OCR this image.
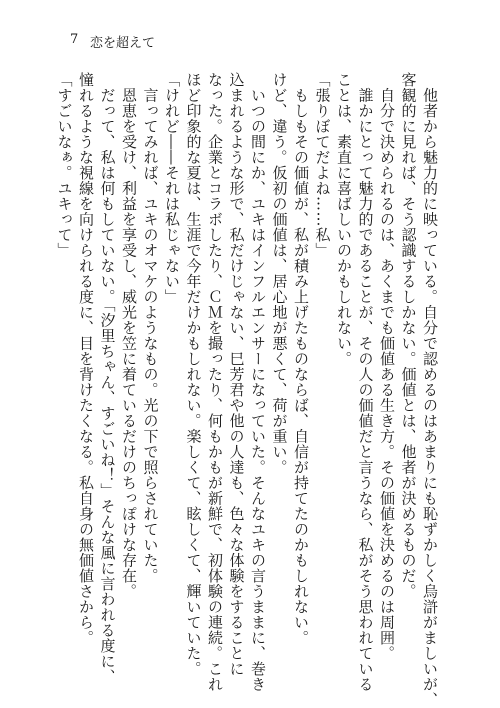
7 恋を超えて
　他者から魅力的に映っている。自分で認めるのはあまりにも恥ずかしく烏滸がましいが、
客観的に見れば、そう認識するしかない。価値とは、他者が決めるものだ。
　自分で決められるのは、あくまでも価値ある生き方。その価値を決めるのは周囲。
　誰かにとって魅力的であることが、その人の価値だと言うなら、私がそう思われている
ことは、素直に喜ばしいのかもしれない。
「張りぼてだよね……私」
　もしもその価値が、私が積み上げたものならば、自信が持てたのかもしれない。
けど、違う。仮初の価値は、居心地が悪くて、荷が重い。
　いつの間にか、ユキはインフルエンサーになっていた。そんなユキの言うままに、巻き
込まれるような形で、私だけじゃない、巳芳君や他の人達も、色々な体験をすることに
なった。企業とコラボしたり、ＣＭを撮ったり、何もかもが新鮮で、初体験の連続。これ
ほど印象的な夏は、生涯で今年だけかもしれない。楽しくて、眩しくて、輝いていた。
「けれど――それは私じゃない」
　言ってみれば、ユキのオマケのようなもの。光の下で照らされていた。
　恩恵を受け、利益を享受し、威光を笠に着ているだけのちっぽけな存在。
　だって、私は何もしていない。「汐里ちゃん、すごいね！」そんな風に言われる度に、
憧れるような視線を向けられる度に、目を背けたくなる。私自身の無価値さから。
「すごいなぁ。ユキって」
